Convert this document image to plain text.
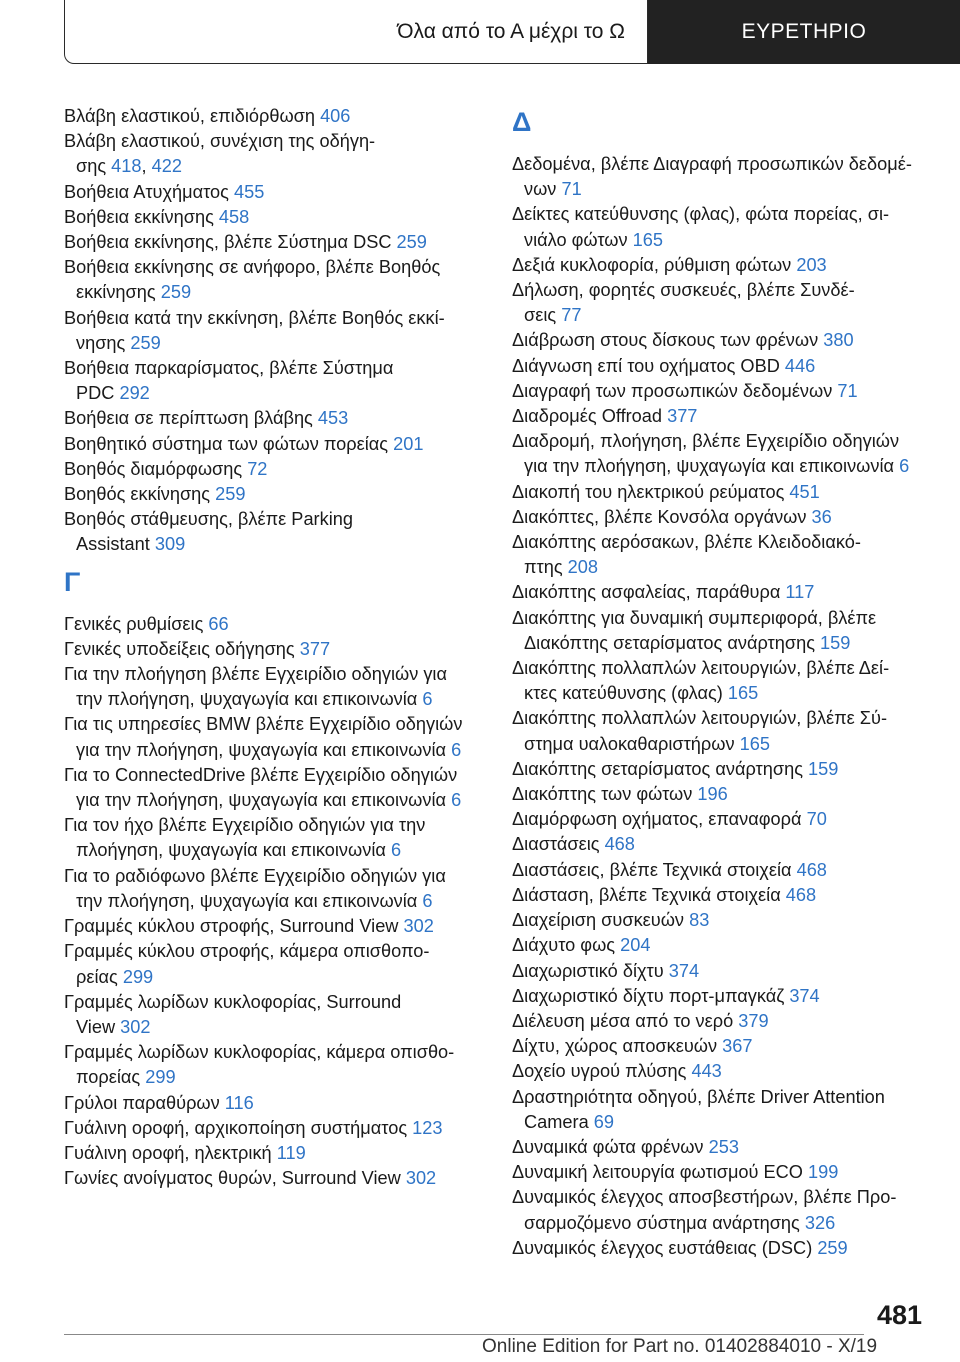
Όλα από το Α μέχρι το Ω	ΕΥΡΕΤΗΡΙΟ
Βλάβη ελαστικού, επιδιόρθωση 406
Βλάβη ελαστικού, συνέχιση της οδήγη-
σης 418, 422
Βοήθεια Ατυχήματος 455
Βοήθεια εκκίνησης 458
Βοήθεια εκκίνησης, βλέπε Σύστημα DSC 259
Βοήθεια εκκίνησης σε ανήφορο, βλέπε Βοηθός
εκκίνησης 259
Βοήθεια κατά την εκκίνηση, βλέπε Βοηθός εκκί-
νησης 259
Βοήθεια παρκαρίσματος, βλέπε Σύστημα
PDC 292
Βοήθεια σε περίπτωση βλάβης 453
Βοηθητικό σύστημα των φώτων πορείας 201
Βοηθός διαμόρφωσης 72
Βοηθός εκκίνησης 259
Βοηθός στάθμευσης, βλέπε Parking
Assistant 309
Γ
Γενικές ρυθμίσεις 66
Γενικές υποδείξεις οδήγησης 377
Για την πλοήγηση βλέπε Εγχειρίδιο οδηγιών για
την πλοήγηση, ψυχαγωγία και επικοινωνία 6
Για τις υπηρεσίες BMW βλέπε Εγχειρίδιο οδηγιών
για την πλοήγηση, ψυχαγωγία και επικοινωνία 6
Για το ConnectedDrive βλέπε Εγχειρίδιο οδηγιών
για την πλοήγηση, ψυχαγωγία και επικοινωνία 6
Για τον ήχο βλέπε Εγχειρίδιο οδηγιών για την
πλοήγηση, ψυχαγωγία και επικοινωνία 6
Για το ραδιόφωνο βλέπε Εγχειρίδιο οδηγιών για
την πλοήγηση, ψυχαγωγία και επικοινωνία 6
Γραμμές κύκλου στροφής, Surround View 302
Γραμμές κύκλου στροφής, κάμερα οπισθοπο-
ρείας 299
Γραμμές λωρίδων κυκλοφορίας, Surround
View 302
Γραμμές λωρίδων κυκλοφορίας, κάμερα οπισθο-
πορείας 299
Γρύλοι παραθύρων 116
Γυάλινη οροφή, αρχικοποίηση συστήματος 123
Γυάλινη οροφή, ηλεκτρική 119
Γωνίες ανοίγματος θυρών, Surround View 302
Δ
Δεδομένα, βλέπε Διαγραφή προσωπικών δεδομέ-
νων 71
Δείκτες κατεύθυνσης (φλας), φώτα πορείας, σι-
νιάλο φώτων 165
Δεξιά κυκλοφορία, ρύθμιση φώτων 203
Δήλωση, φορητές συσκευές, βλέπε Συνδέ-
σεις 77
Διάβρωση στους δίσκους των φρένων 380
Διάγνωση επί του οχήματος OBD 446
Διαγραφή των προσωπικών δεδομένων 71
Διαδρομές Offroad 377
Διαδρομή, πλοήγηση, βλέπε Εγχειρίδιο οδηγιών
για την πλοήγηση, ψυχαγωγία και επικοινωνία 6
Διακοπή του ηλεκτρικού ρεύματος 451
Διακόπτες, βλέπε Κονσόλα οργάνων 36
Διακόπτης αερόσακων, βλέπε Κλειδοδιακό-
πτης 208
Διακόπτης ασφαλείας, παράθυρα 117
Διακόπτης για δυναμική συμπεριφορά, βλέπε
Διακόπτης σεταρίσματος ανάρτησης 159
Διακόπτης πολλαπλών λειτουργιών, βλέπε Δεί-
κτες κατεύθυνσης (φλας) 165
Διακόπτης πολλαπλών λειτουργιών, βλέπε Σύ-
στημα υαλοκαθαριστήρων 165
Διακόπτης σεταρίσματος ανάρτησης 159
Διακόπτης των φώτων 196
Διαμόρφωση οχήματος, επαναφορά 70
Διαστάσεις 468
Διαστάσεις, βλέπε Τεχνικά στοιχεία 468
Διάσταση, βλέπε Τεχνικά στοιχεία 468
Διαχείριση συσκευών 83
Διάχυτο φως 204
Διαχωριστικό δίχτυ 374
Διαχωριστικό δίχτυ πορτ-μπαγκάζ 374
Διέλευση μέσα από το νερό 379
Δίχτυ, χώρος αποσκευών 367
Δοχείο υγρού πλύσης 443
Δραστηριότητα οδηγού, βλέπε Driver Attention
Camera 69
Δυναμικά φώτα φρένων 253
Δυναμική λειτουργία φωτισμού ECO 199
Δυναμικός έλεγχος αποσβεστήρων, βλέπε Προ-
σαρμοζόμενο σύστημα ανάρτησης 326
Δυναμικός έλεγχος ευστάθειας (DSC) 259
481
Online Edition for Part no. 01402884010 - X/19
